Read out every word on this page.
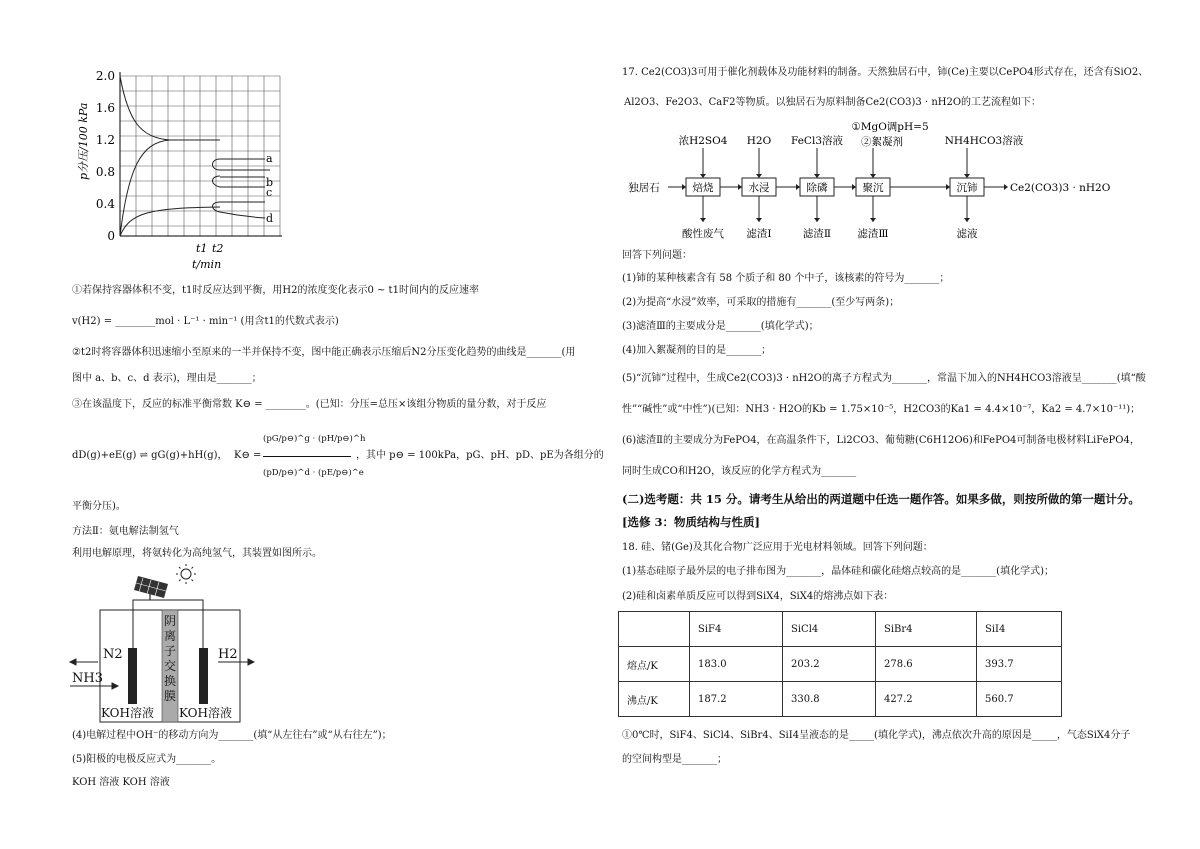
2.0
1.6
1.2
0.8
0.4
0
p分压/100 kPa	a
b
c
d
t1 t2
t/min
①若保持容器体积不变，t1时反应达到平衡，用H2的浓度变化表示0 ~ t1时间内的反应速率
v(H2) = ________mol · L⁻¹ · min⁻¹ (用含t1的代数式表示)
②t2时将容器体积迅速缩小至原来的一半并保持不变，图中能正确表示压缩后N2分压变化趋势的曲线是_______(用
图中 a、b、c、d 表示)，理由是_______；
③在该温度下，反应的标准平衡常数 K⊖ = ________。(已知：分压=总压×该组分物质的量分数，对于反应
dD(g)+eE(g) ⇌ gG(g)+hH(g)， K⊖ =
(pG/p⊖)^g · (pH/p⊖)^h
(pD/p⊖)^d · (pE/p⊖)^e
，其中 p⊖ = 100kPa，pG、pH、pD、pE为各组分的
平衡分压)。
方法Ⅱ：氨电解法制氢气
利用电解原理，将氨转化为高纯氢气，其装置如图所示。
N2
NH3
H2
阴离子交换膜
KOH溶液 KOH溶液
(4)电解过程中OH⁻的移动方向为_______(填“从左往右”或“从右往左”)；
(5)阳极的电极反应式为_______。
KOH 溶液 KOH 溶液
17. Ce2(CO3)3可用于催化剂载体及功能材料的制备。天然独居石中，铈(Ce)主要以CePO4形式存在，还含有SiO2、
Al2O3、Fe2O3、CaF2等物质。以独居石为原料制备Ce2(CO3)3 · nH2O的工艺流程如下：
浓H2SO4 H2O FeCl3溶液
①MgO调pH=5
②絮凝剂	NH4HCO3溶液
独居石	焙烧	水浸	除磷	聚沉	沉铈
酸性废气 滤渣Ⅰ	滤渣Ⅱ	滤渣Ⅲ	滤液
Ce2(CO3)3 · nH2O
回答下列问题：
(1)铈的某种核素含有 58 个质子和 80 个中子，该核素的符号为_______；
(2)为提高“水浸”效率，可采取的措施有_______(至少写两条)；
(3)滤渣Ⅲ的主要成分是_______(填化学式)；
(4)加入絮凝剂的目的是_______；
(5)“沉铈”过程中，生成Ce2(CO3)3 · nH2O的离子方程式为_______，常温下加入的NH4HCO3溶液呈_______(填“酸
性”“碱性”或“中性”)(已知：NH3 · H2O的Kb = 1.75×10⁻⁵，H2CO3的Ka1 = 4.4×10⁻⁷，Ka2 = 4.7×10⁻¹¹)；
(6)滤渣Ⅱ的主要成分为FePO4，在高温条件下，Li2CO3、葡萄糖(C6H12O6)和FePO4可制备电极材料LiFePO4，
同时生成CO和H2O，该反应的化学方程式为_______
(二)选考题：共 15 分。请考生从给出的两道题中任选一题作答。如果多做，则按所做的第一题计分。
[选修 3：物质结构与性质]
18. 硅、锗(Ge)及其化合物广泛应用于光电材料领域。回答下列问题：
(1)基态硅原子最外层的电子排布图为_______，晶体硅和碳化硅熔点较高的是_______(填化学式)；
(2)硅和卤素单质反应可以得到SiX4，SiX4的熔沸点如下表：
	SiF4	SiCl4	SiBr4	SiI4
熔点/K	183.0	203.2	278.6	393.7
沸点/K	187.2	330.8	427.2	560.7
①0℃时，SiF4、SiCl4、SiBr4、SiI4呈液态的是_____(填化学式)，沸点依次升高的原因是_____，气态SiX4分子
的空间构型是_______；
